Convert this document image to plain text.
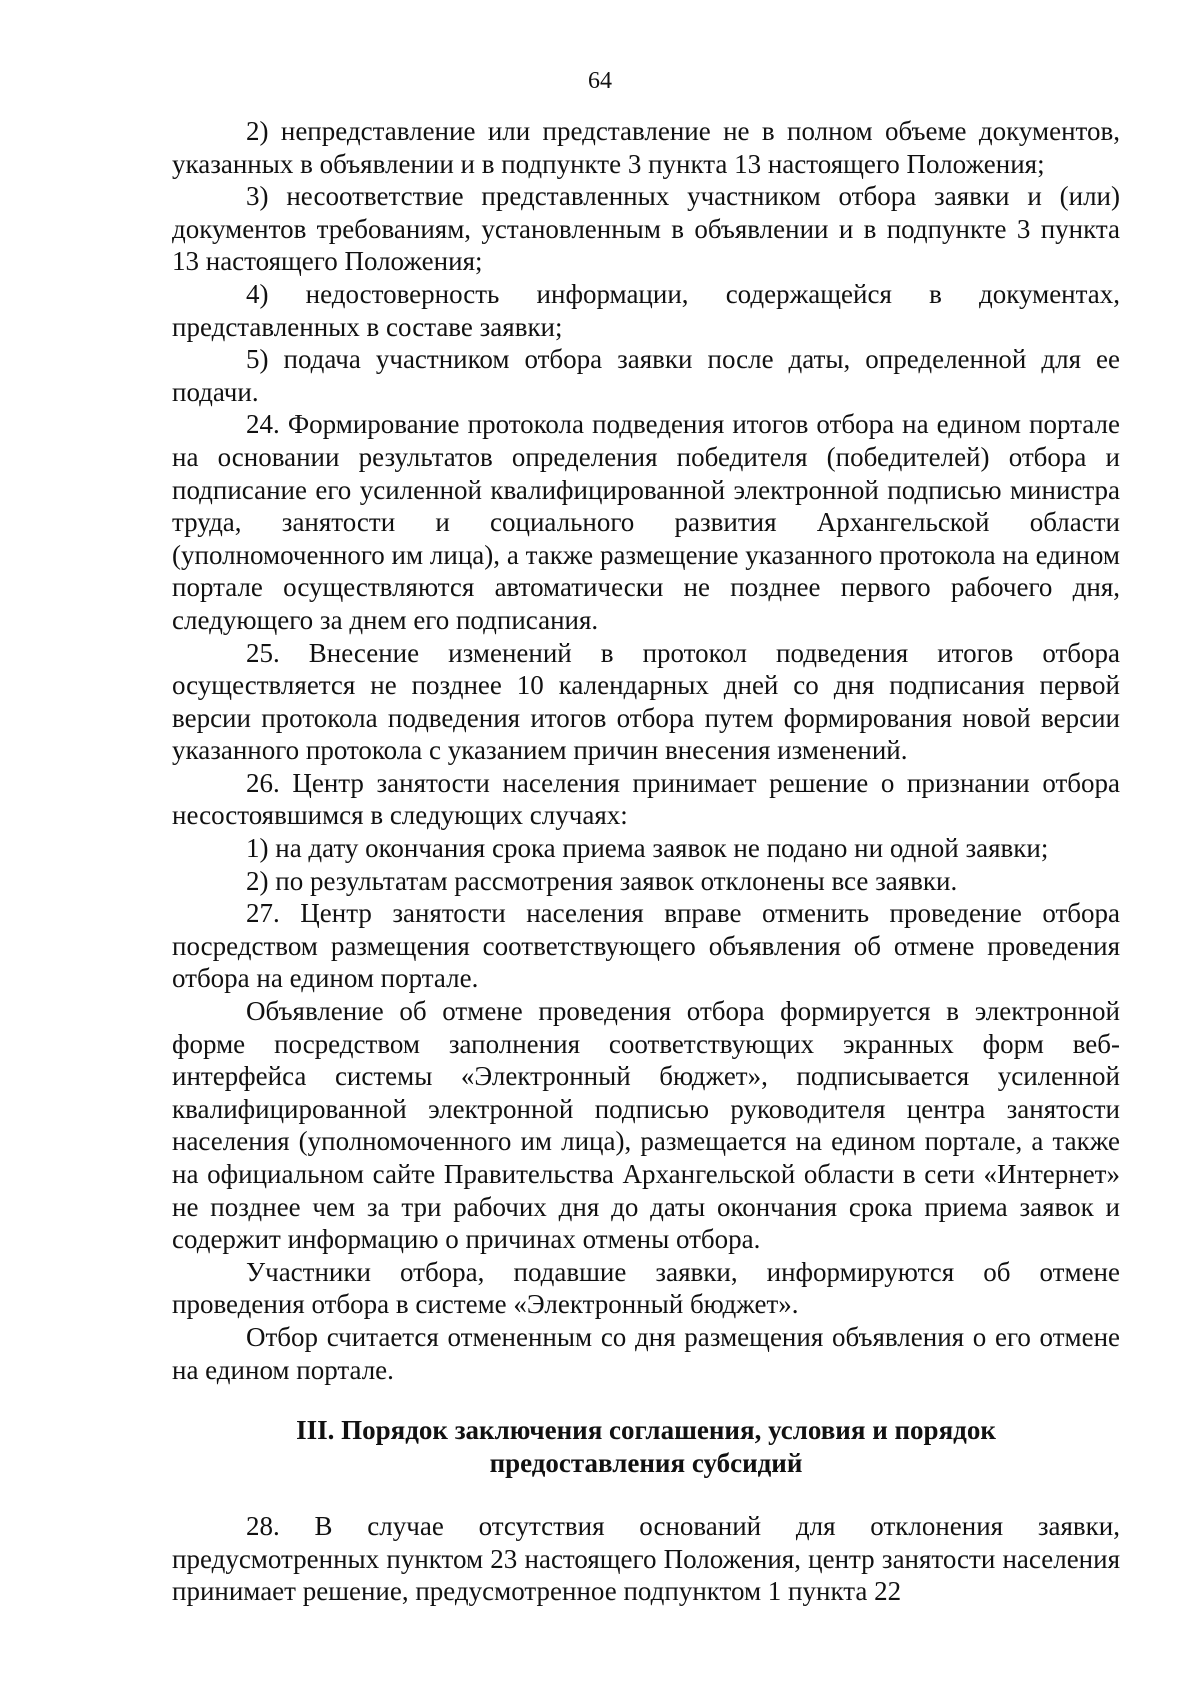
64

2) непредставление или представление не в полном объеме документов, указанных в объявлении и в подпункте 3 пункта 13 настоящего Положения;

3) несоответствие представленных участником отбора заявки и (или) документов требованиям, установленным в объявлении и в подпункте 3 пункта 13 настоящего Положения;

4) недостоверность информации, содержащейся в документах, представленных в составе заявки;

5) подача участником отбора заявки после даты, определенной для ее подачи.

24. Формирование протокола подведения итогов отбора на едином портале на основании результатов определения победителя (победителей) отбора и подписание его усиленной квалифицированной электронной подписью министра труда, занятости и социального развития Архангельской области (уполномоченного им лица), а также размещение указанного протокола на едином портале осуществляются автоматически не позднее первого рабочего дня, следующего за днем его подписания.

25. Внесение изменений в протокол подведения итогов отбора осуществляется не позднее 10 календарных дней со дня подписания первой версии протокола подведения итогов отбора путем формирования новой версии указанного протокола с указанием причин внесения изменений.

26. Центр занятости населения принимает решение о признании отбора несостоявшимся в следующих случаях:

1) на дату окончания срока приема заявок не подано ни одной заявки;

2) по результатам рассмотрения заявок отклонены все заявки.

27. Центр занятости населения вправе отменить проведение отбора посредством размещения соответствующего объявления об отмене проведения отбора на едином портале.

Объявление об отмене проведения отбора формируется в электронной форме посредством заполнения соответствующих экранных форм веб-интерфейса системы «Электронный бюджет», подписывается усиленной квалифицированной электронной подписью руководителя центра занятости населения (уполномоченного им лица), размещается на едином портале, а также на официальном сайте Правительства Архангельской области в сети «Интернет» не позднее чем за три рабочих дня до даты окончания срока приема заявок и содержит информацию о причинах отмены отбора.

Участники отбора, подавшие заявки, информируются об отмене проведения отбора в системе «Электронный бюджет».

Отбор считается отмененным со дня размещения объявления о его отмене на едином портале.

III. Порядок заключения соглашения, условия и порядок предоставления субсидий

28. В случае отсутствия оснований для отклонения заявки, предусмотренных пунктом 23 настоящего Положения, центр занятости населения принимает решение, предусмотренное подпунктом 1 пункта 22
